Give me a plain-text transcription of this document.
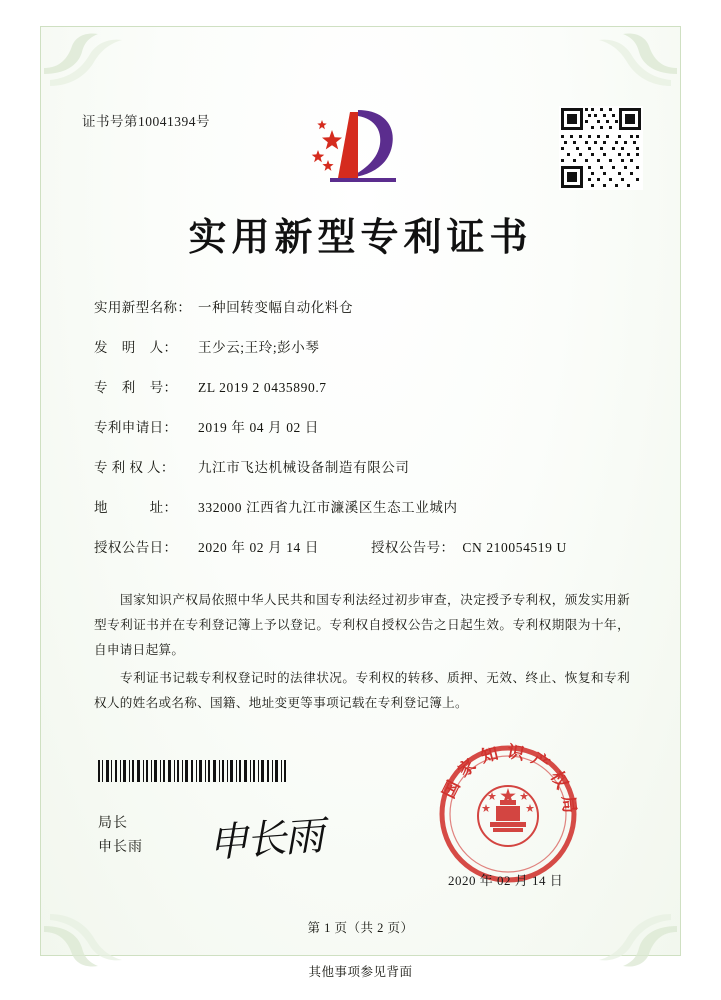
证书号第10041394号
实用新型专利证书
实用新型名称： 一种回转变幅自动化料仓
发　明　人：	王少云;王玲;彭小琴
专　利　号：	ZL 2019 2 0435890.7
专利申请日：	2019 年 04 月 02 日
专 利 权 人：	九江市飞达机械设备制造有限公司
地　　　址：	332000 江西省九江市濂溪区生态工业城内
授权公告日：	2020 年 02 月 14 日	授权公告号： CN 210054519 U

国家知识产权局依照中华人民共和国专利法经过初步审查，决定授予专利权，颁发实用新型专利证书并在专利登记簿上予以登记。专利权自授权公告之日起生效。专利权期限为十年，自申请日起算。

专利证书记载专利权登记时的法律状况。专利权的转移、质押、无效、终止、恢复和专利权人的姓名或名称、国籍、地址变更等事项记载在专利登记簿上。

局长
申长雨 申长雨
国家知识产权局
2020 年 02 月 14 日
第 1 页（共 2 页）
其他事项参见背面
